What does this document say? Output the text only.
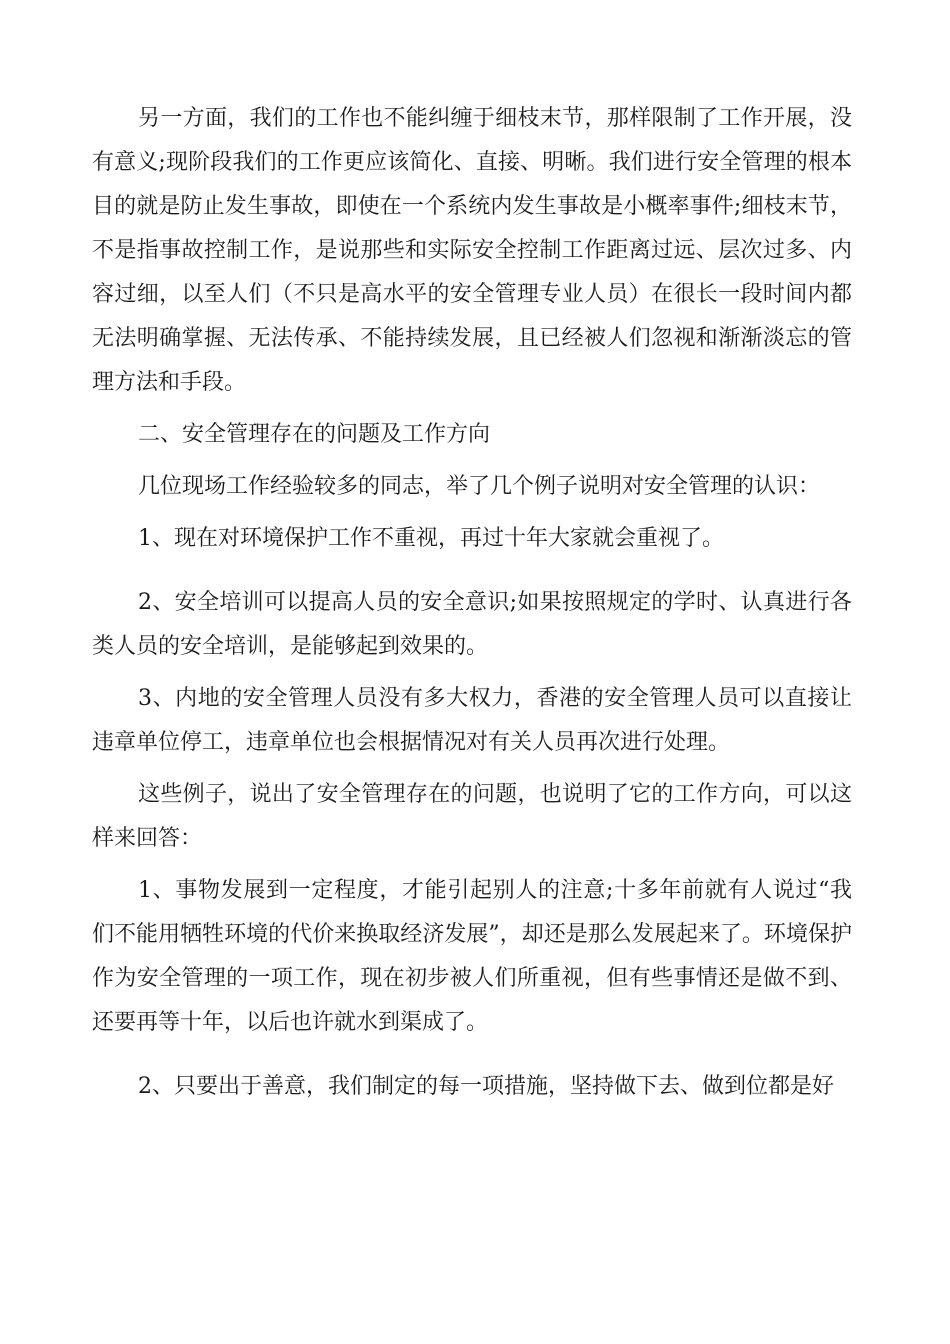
另一方面，我们的工作也不能纠缠于细枝末节，那样限制了工作开展，没有意义;现阶段我们的工作更应该简化、直接、明晰。我们进行安全管理的根本目的就是防止发生事故，即使在一个系统内发生事故是小概率事件;细枝末节，不是指事故控制工作，是说那些和实际安全控制工作距离过远、层次过多、内容过细，以至人们（不只是高水平的安全管理专业人员）在很长一段时间内都无法明确掌握、无法传承、不能持续发展，且已经被人们忽视和渐渐淡忘的管理方法和手段。

二、安全管理存在的问题及工作方向

几位现场工作经验较多的同志，举了几个例子说明对安全管理的认识：

1、现在对环境保护工作不重视，再过十年大家就会重视了。

2、安全培训可以提高人员的安全意识;如果按照规定的学时、认真进行各类人员的安全培训，是能够起到效果的。

3、内地的安全管理人员没有多大权力，香港的安全管理人员可以直接让违章单位停工，违章单位也会根据情况对有关人员再次进行处理。

这些例子，说出了安全管理存在的问题，也说明了它的工作方向，可以这样来回答：

1、事物发展到一定程度，才能引起别人的注意;十多年前就有人说过“我们不能用牺牲环境的代价来换取经济发展”，却还是那么发展起来了。环境保护作为安全管理的一项工作，现在初步被人们所重视，但有些事情还是做不到、还要再等十年，以后也许就水到渠成了。

2、只要出于善意，我们制定的每一项措施，坚持做下去、做到位都是好
